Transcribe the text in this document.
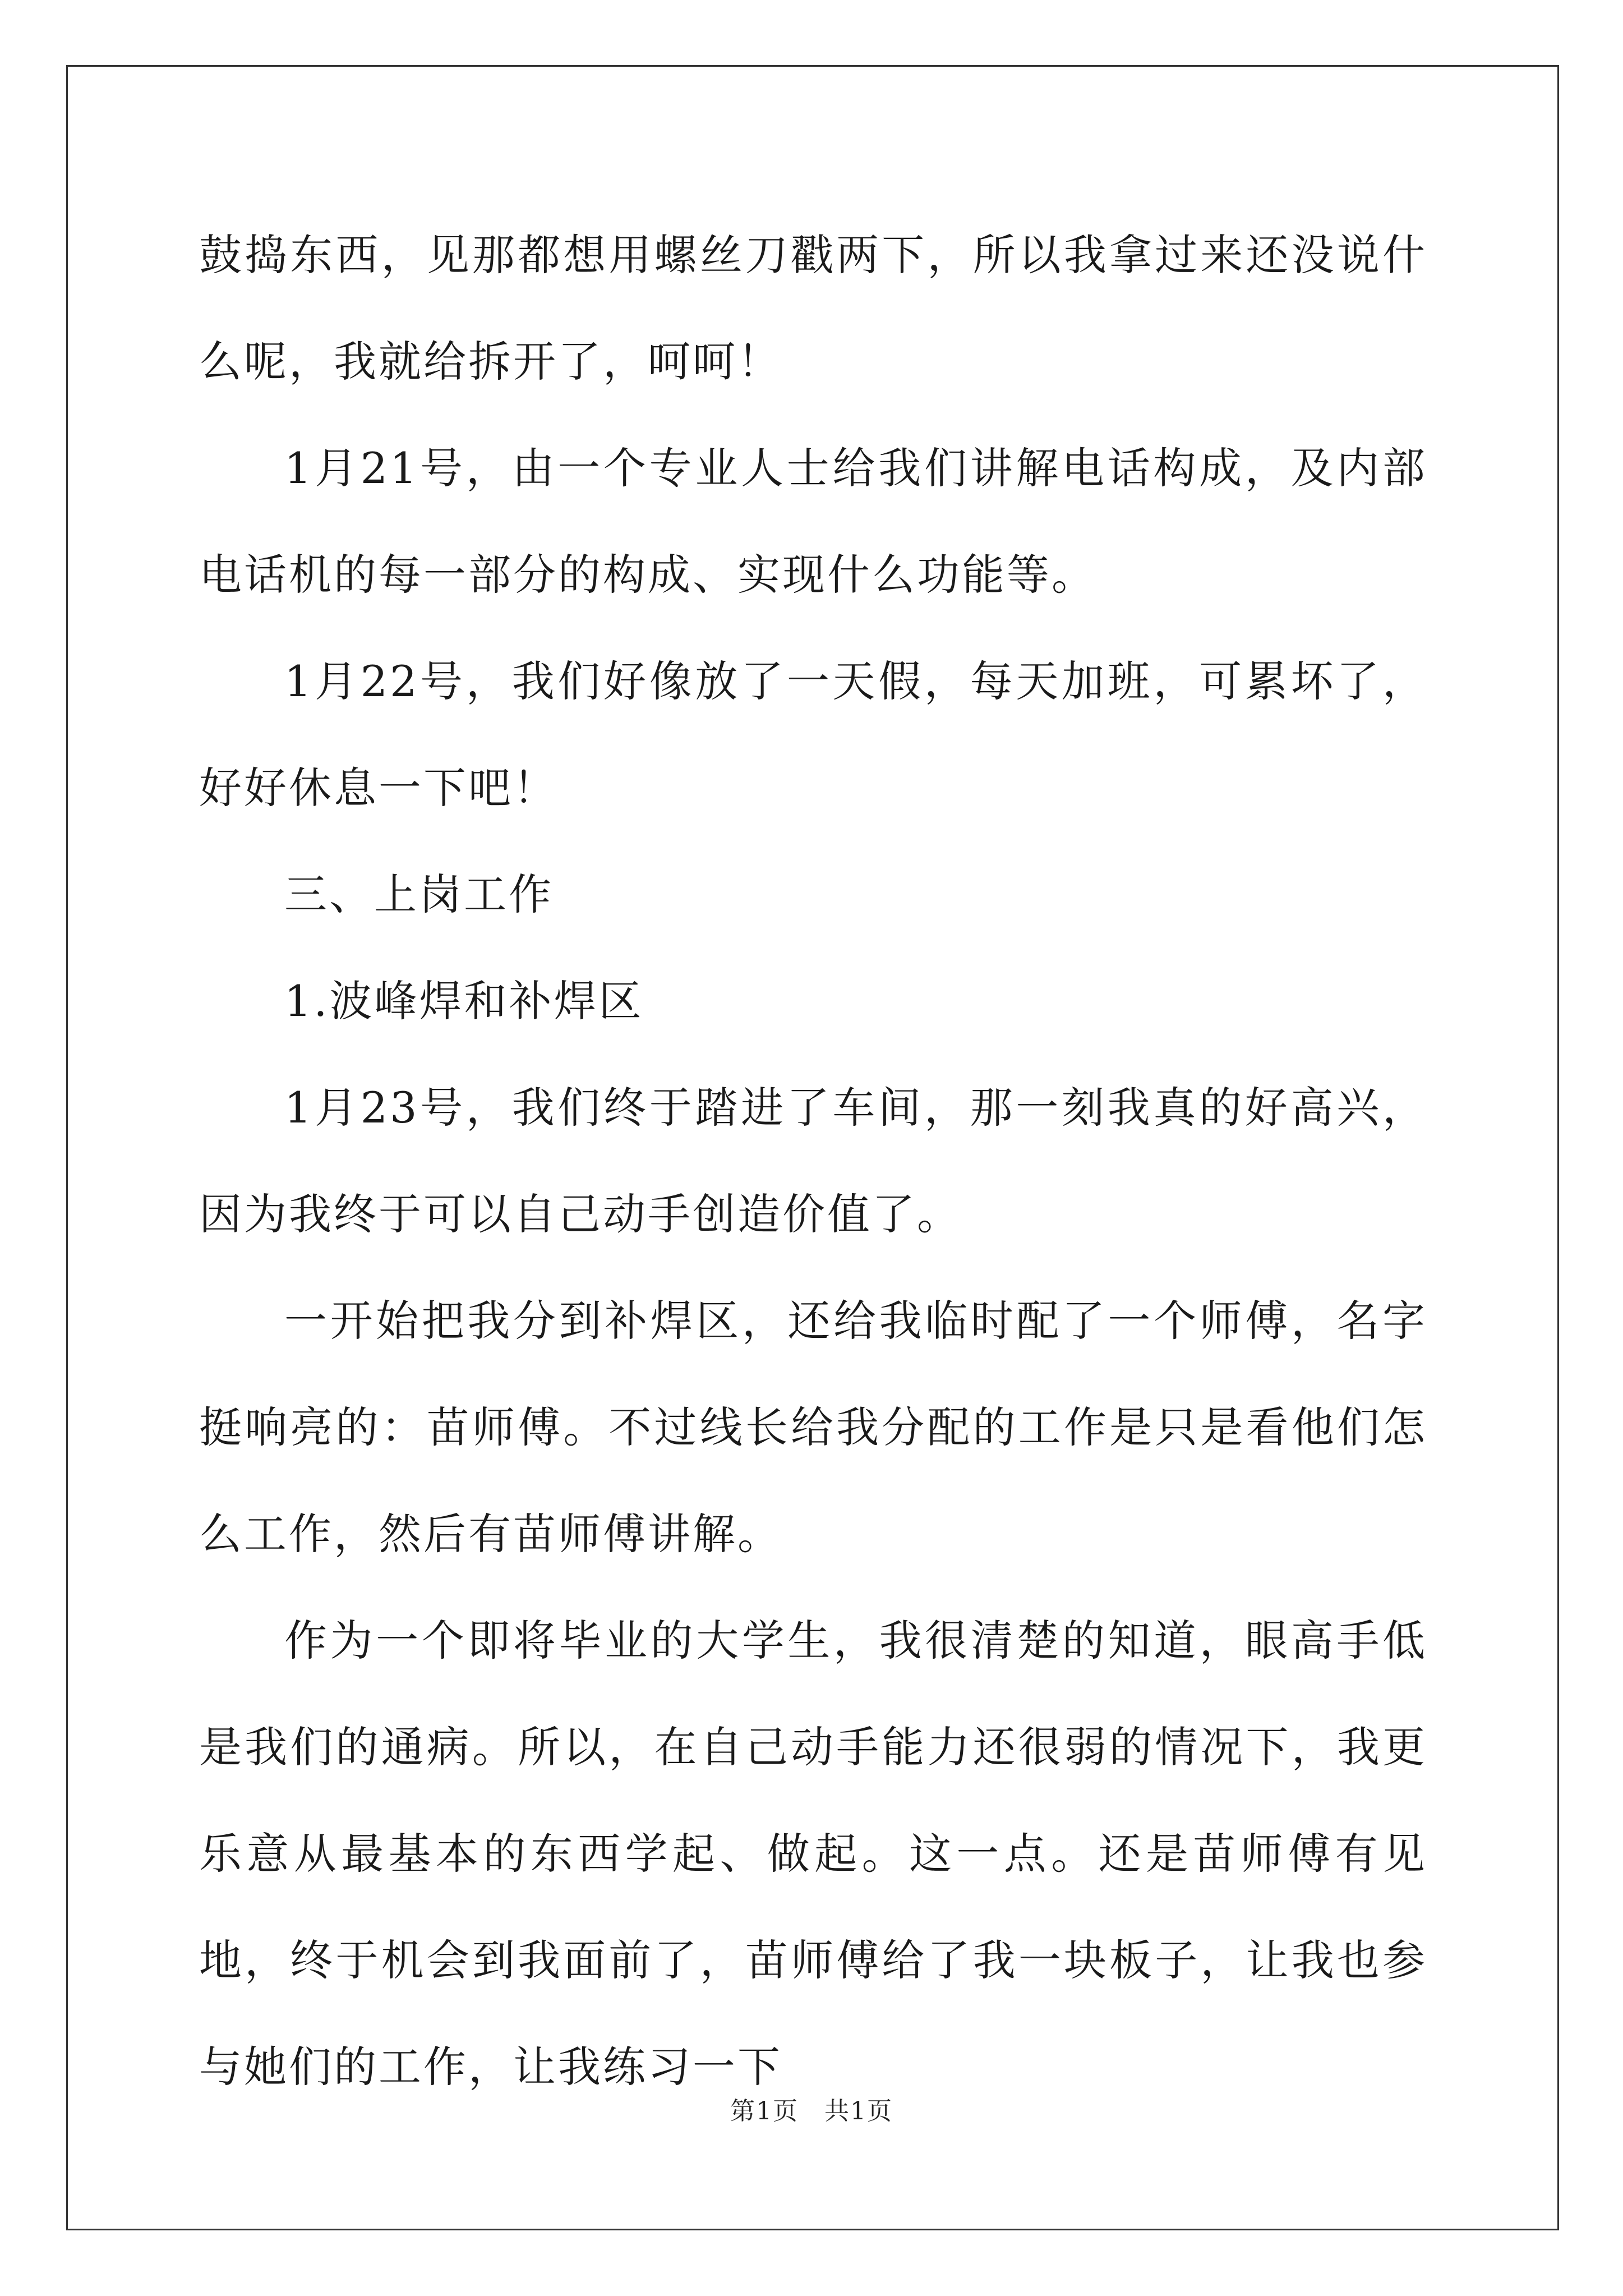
鼓捣东西，见那都想用螺丝刀戳两下，所以我拿过来还没说什么呢，我就给拆开了，呵呵！

1月21号，由一个专业人士给我们讲解电话构成，及内部电话机的每一部分的构成、实现什么功能等。

1月22号，我们好像放了一天假，每天加班，可累坏了，好好休息一下吧！

三、上岗工作

1.波峰焊和补焊区

1月23号，我们终于踏进了车间，那一刻我真的好高兴，因为我终于可以自己动手创造价值了。

一开始把我分到补焊区，还给我临时配了一个师傅，名字挺响亮的：苗师傅。不过线长给我分配的工作是只是看他们怎么工作，然后有苗师傅讲解。

作为一个即将毕业的大学生，我很清楚的知道，眼高手低是我们的通病。所以，在自己动手能力还很弱的情况下，我更乐意从最基本的东西学起、做起。这一点。还是苗师傅有见地，终于机会到我面前了，苗师傅给了我一块板子，让我也参与她们的工作，让我练习一下

第1页　共1页
